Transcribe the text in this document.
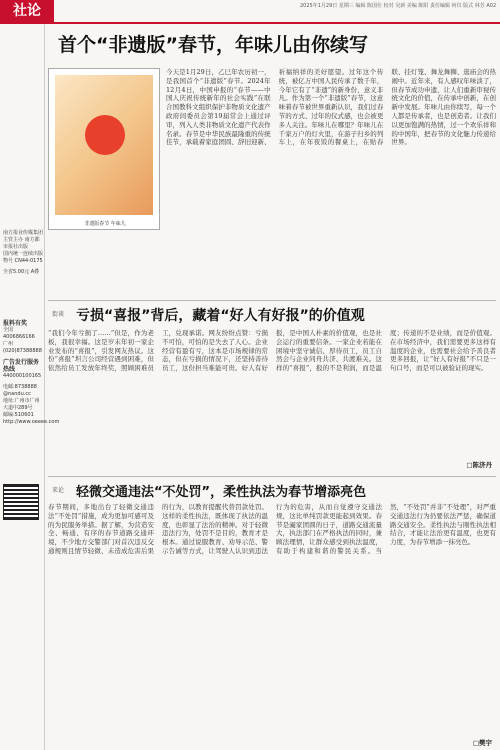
社论	2025年1月29日 星期三 编辑 陈国仕 校对 吴新 美编 陈阳 责任编辑 何仪 版式 林芳 A02
南方报业传媒集团主管主办 南方都市报社出版
国内统一连续出版物号 CN44-0175
全省5.00元 A叠
报料有奖
全国4006866166
广州(020)87388888
广告发行服务热线
440000100165
电邮:8738888
@nandu.cc
地址:广州市广州大道中289号
邮编:510601
http://www.oeeee.com
首个“非遗版”春节，年味儿由你续写
非遗版春节 年味儿
今天是1月29日，乙巳年农历初一，是我国首个“非遗版”春节。2024年12月4日，中国申报的“春节——中国人庆祝传统新年的社会实践”在联合国教科文组织保护非物质文化遗产政府间委员会第19届常会上通过评审，列入人类非物质文化遗产代表作名录。春节是中华民族最隆重的传统佳节，承载着家庭团圆、辞旧迎新、祈福纳祥的美好愿望。过年这个传统，被亿万中国人民传承了数千年，今年它有了“非遗”的新身份，意义非凡。作为第一个“非遗版”春节，这意味着春节被世界重新认识，我们过春节的方式、过年的仪式感，也会被更多人关注。年味儿在哪里？年味儿在千家万户的灯火里，在游子归乡的列车上，在年夜饭的餐桌上，在贴春联、挂灯笼、舞龙舞狮、逛庙会的热闹中。近年来，有人感叹年味淡了，但春节成功申遗，让人们重新审视传统文化的价值，在传承中创新，在创新中发展。年味儿由你续写，每一个人都是传承者，也是创造者。让我们以更加饱满的热情，过一个欢乐祥和的中国年，把春节的文化魅力传递给世界。
街谈 亏损“喜报”背后，藏着“好人有好报”的价值观
“我们今年亏损了……”但是，作为老板，我很幸福。这是岁末年初一家企业发布的“喜报”，引发网友热议。这份“喜报”坦言公司经营遇到困难，但依然给员工发放年终奖，照顾困难员工，兑现承诺。网友纷纷点赞：亏损不可怕，可怕的是失去了人心。企业经营有盈有亏，这本是市场规律的常态，但在亏损的情况下，还坚持善待员工，这份担当难能可贵。好人有好报，是中国人朴素的价值观，也是社会运行的重要信条。一家企业若能在困境中坚守诚信、厚待员工，员工自然会与企业同舟共济、共渡难关。这样的“喜报”，报的不是利润，而是温度；传递的不是业绩，而是价值观。在市场经济中，我们需要更多这样有温度的企业，也需要社会给予善良者更多回报，让“好人有好报”不只是一句口号，而是可以被验证的现实。
□陈济丹
来论 轻微交通违法“不处罚”，柔性执法为春节增添亮色
春节期间，多地出台了轻微交通违法“不处罚”措施，成为更加可感可及的为民服务举措。据了解，为营造安全、畅通、有序的春节道路交通环境，不少地方交警部门对首次违反交通规则且情节轻微、未造成危害后果的行为，以教育提醒代替罚款处罚。这样的柔性执法，既体现了执法的温度，也彰显了法治的精神。对于轻微违法行为，处罚不是目的，教育才是根本。通过说服教育、劝导示范、警示告诫等方式，让驾驶人认识到违法行为的危害，从而自觉遵守交通法规，这比单纯罚款更能起到效果。春节是阖家团圆的日子，道路交通流量大，执法部门在严格执法的同时，兼顾法理情，让群众感受到执法温度，有助于构建和谐的警民关系。当然，“不处罚”并非“不处理”，对严重交通违法行为仍要依法严惩，确保道路交通安全。柔性执法与刚性执法相结合，才能让法治更有温度，也更有力度，为春节增添一抹亮色。
□樊宇
